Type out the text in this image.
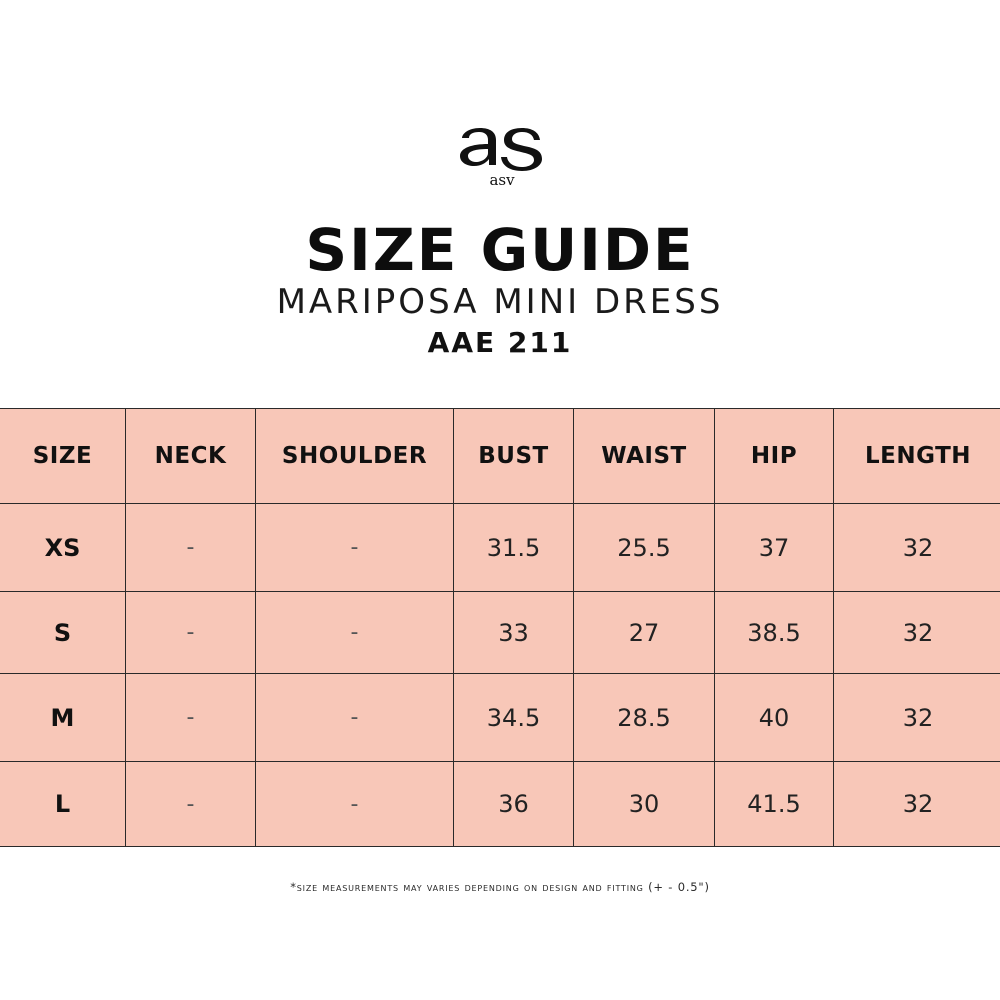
asv
SIZE GUIDE
MARIPOSA MINI DRESS
AAE 211
SIZE	NECK	SHOULDER	BUST	WAIST	HIP	LENGTH
XS	-	-	31.5	25.5	37	32
S	-	-	33	27	38.5	32
M	-	-	34.5	28.5	40	32
L	-	-	36	30	41.5	32
*size measurements may varies depending on design and fitting (+ - 0.5")
